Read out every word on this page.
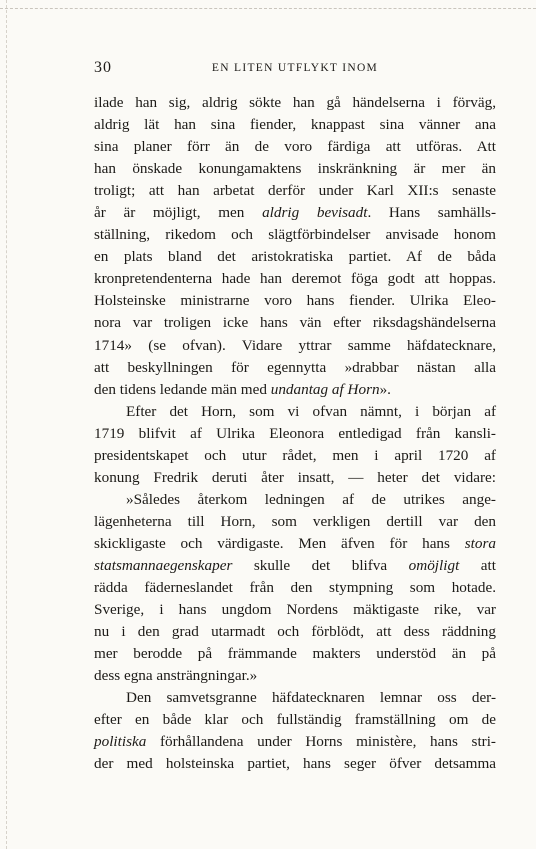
30	EN LITEN UTFLYKT INOM
ilade han sig, aldrig sökte han gå händelserna i förväg,
aldrig lät han sina fiender, knappast sina vänner ana
sina planer förr än de voro färdiga att utföras. Att
han önskade konungamaktens inskränkning är mer än
troligt; att han arbetat derför under Karl XII:s senaste
år är möjligt, men aldrig bevisadt. Hans samhälls-
ställning, rikedom och slägtförbindelser anvisade honom
en plats bland det aristokratiska partiet. Af de båda
kronpretendenterna hade han deremot föga godt att hoppas.
Holsteinske ministrarne voro hans fiender. Ulrika Eleo-
nora var troligen icke hans vän efter riksdagshändelserna
1714» (se ofvan). Vidare yttrar samme häfdatecknare,
att beskyllningen för egennytta »drabbar nästan alla
den tidens ledande män med undantag af Horn».
Efter det Horn, som vi ofvan nämnt, i början af
1719 blifvit af Ulrika Eleonora entledigad från kansli-
presidentskapet och utur rådet, men i april 1720 af
konung Fredrik deruti åter insatt, — heter det vidare:
»Således återkom ledningen af de utrikes ange-
lägenheterna till Horn, som verkligen dertill var den
skickligaste och värdigaste. Men äfven för hans stora
statsmannaegenskaper skulle det blifva omöjligt att
rädda fäderneslandet från den stympning som hotade.
Sverige, i hans ungdom Nordens mäktigaste rike, var
nu i den grad utarmadt och förblödt, att dess räddning
mer berodde på främmande makters understöd än på
dess egna ansträngningar.»
Den samvetsgranne häfdatecknaren lemnar oss der-
efter en både klar och fullständig framställning om de
politiska förhållandena under Horns ministère, hans stri-
der med holsteinska partiet, hans seger öfver detsamma
